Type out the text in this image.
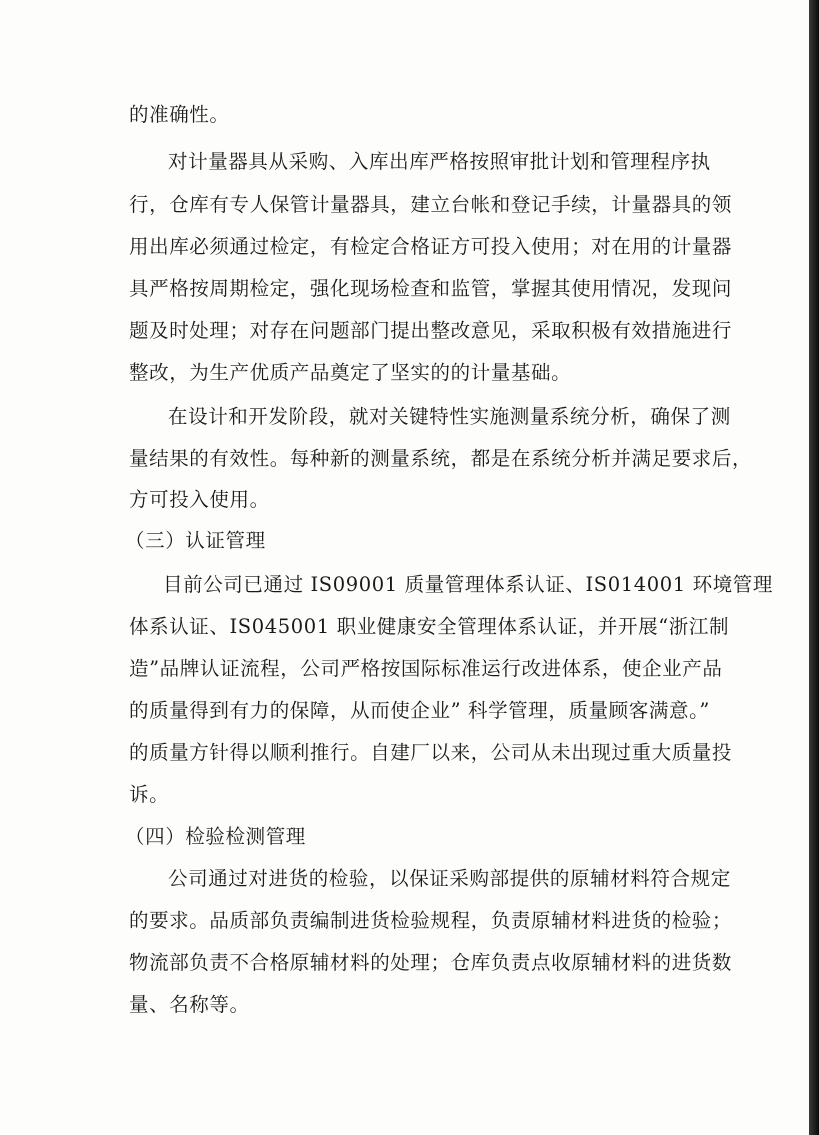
的准确性。
对计量器具从采购、入库出库严格按照审批计划和管理程序执
行，仓库有专人保管计量器具，建立台帐和登记手续，计量器具的领
用出库必须通过检定，有检定合格证方可投入使用；对在用的计量器
具严格按周期检定，强化现场检查和监管，掌握其使用情况，发现问
题及时处理；对存在问题部门提出整改意见，采取积极有效措施进行
整改，为生产优质产品奠定了坚实的的计量基础。
在设计和开发阶段，就对关键特性实施测量系统分析，确保了测
量结果的有效性。每种新的测量系统，都是在系统分析并满足要求后，
方可投入使用。
（三）认证管理
目前公司已通过 IS09001 质量管理体系认证、IS014001 环境管理
体系认证、IS045001 职业健康安全管理体系认证，并开展“浙江制
造”品牌认证流程，公司严格按国际标准运行改进体系，使企业产品
的质量得到有力的保障，从而使企业” 科学管理，质量顾客满意。”
的质量方针得以顺利推行。自建厂以来，公司从未出现过重大质量投
诉。
（四）检验检测管理
公司通过对进货的检验，以保证采购部提供的原辅材料符合规定
的要求。品质部负责编制进货检验规程，负责原辅材料进货的检验；
物流部负责不合格原辅材料的处理；仓库负责点收原辅材料的进货数
量、名称等。
